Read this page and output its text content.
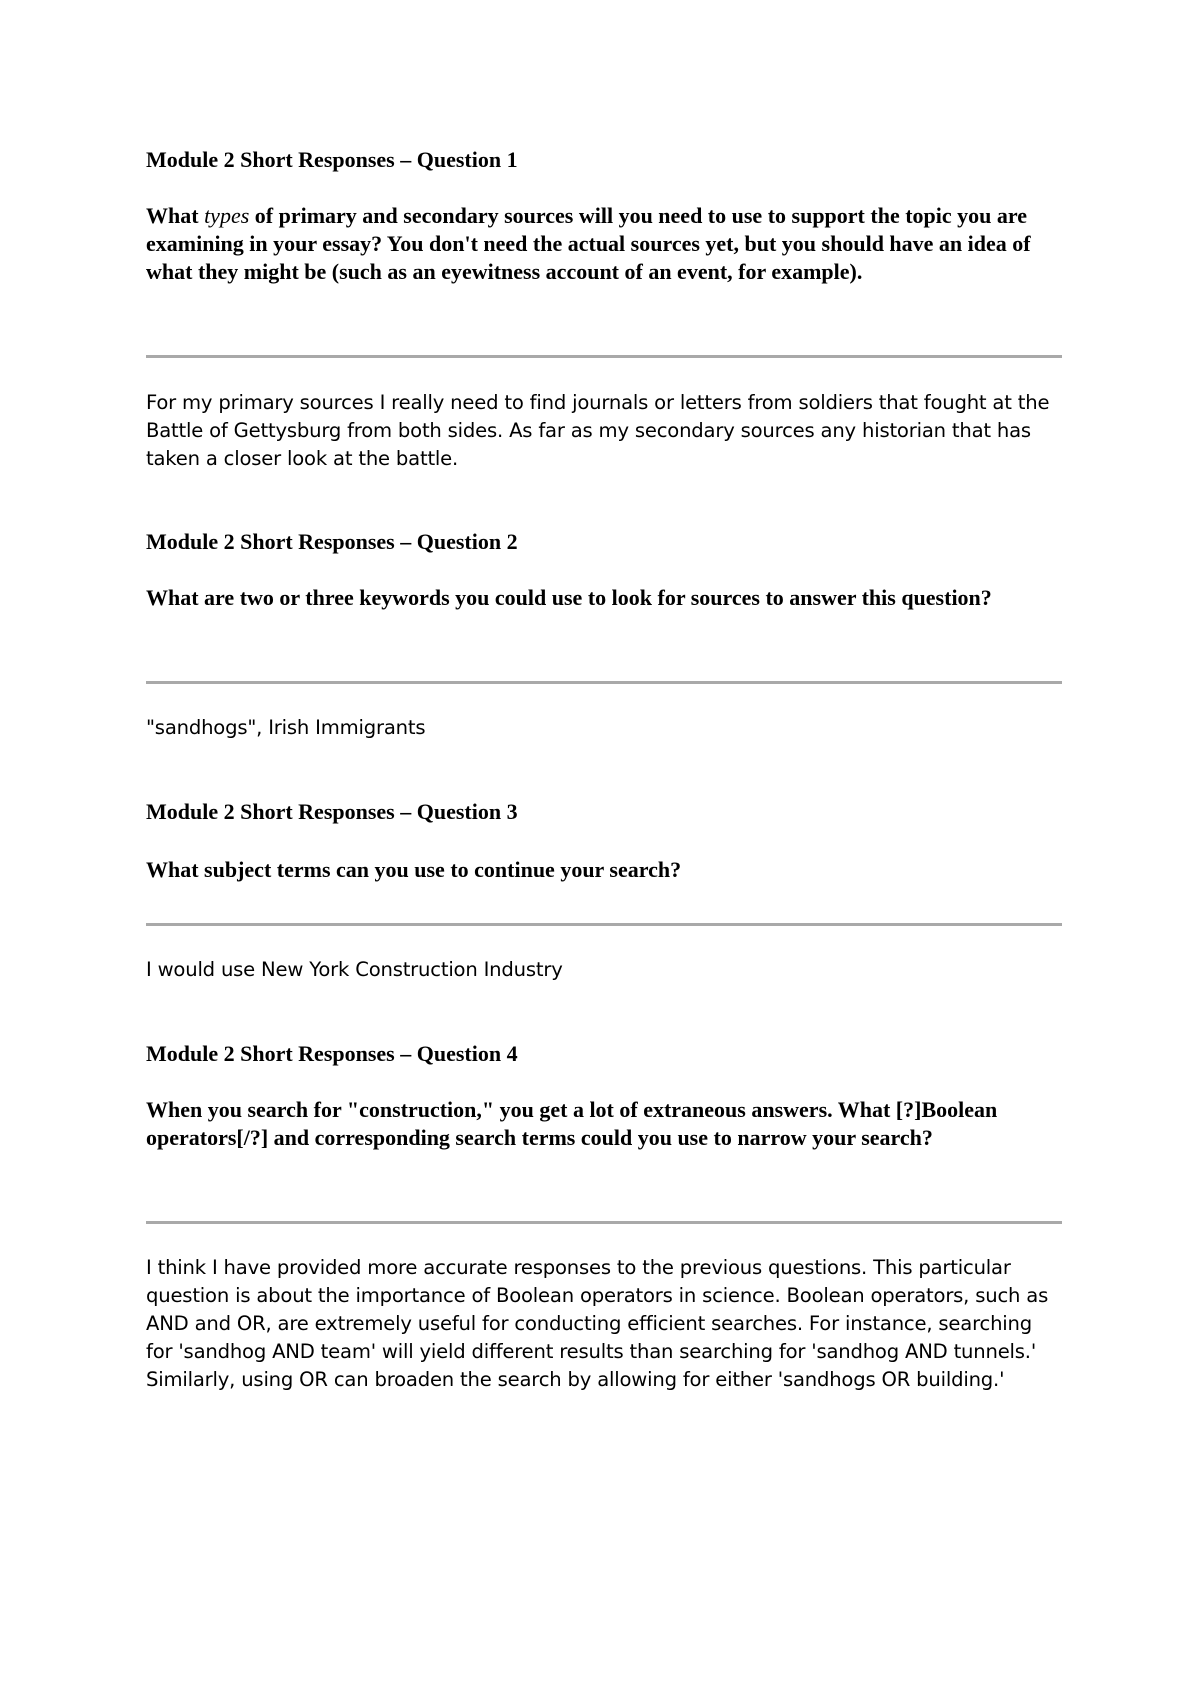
Module 2 Short Responses – Question 1

What types of primary and secondary sources will you need to use to support the topic you are examining in your essay? You don't need the actual sources yet, but you should have an idea of what they might be (such as an eyewitness account of an event, for example).

For my primary sources I really need to find journals or letters from soldiers that fought at the Battle of Gettysburg from both sides. As far as my secondary sources any historian that has taken a closer look at the battle.

Module 2 Short Responses – Question 2

What are two or three keywords you could use to look for sources to answer this question?

"sandhogs", Irish Immigrants

Module 2 Short Responses – Question 3

What subject terms can you use to continue your search?

I would use New York Construction Industry

Module 2 Short Responses – Question 4

When you search for "construction," you get a lot of extraneous answers. What [?]Boolean operators[/?] and corresponding search terms could you use to narrow your search?

I think I have provided more accurate responses to the previous questions. This particular question is about the importance of Boolean operators in science. Boolean operators, such as AND and OR, are extremely useful for conducting efficient searches. For instance, searching for 'sandhog AND team' will yield different results than searching for 'sandhog AND tunnels.' Similarly, using OR can broaden the search by allowing for either 'sandhogs OR building.'
